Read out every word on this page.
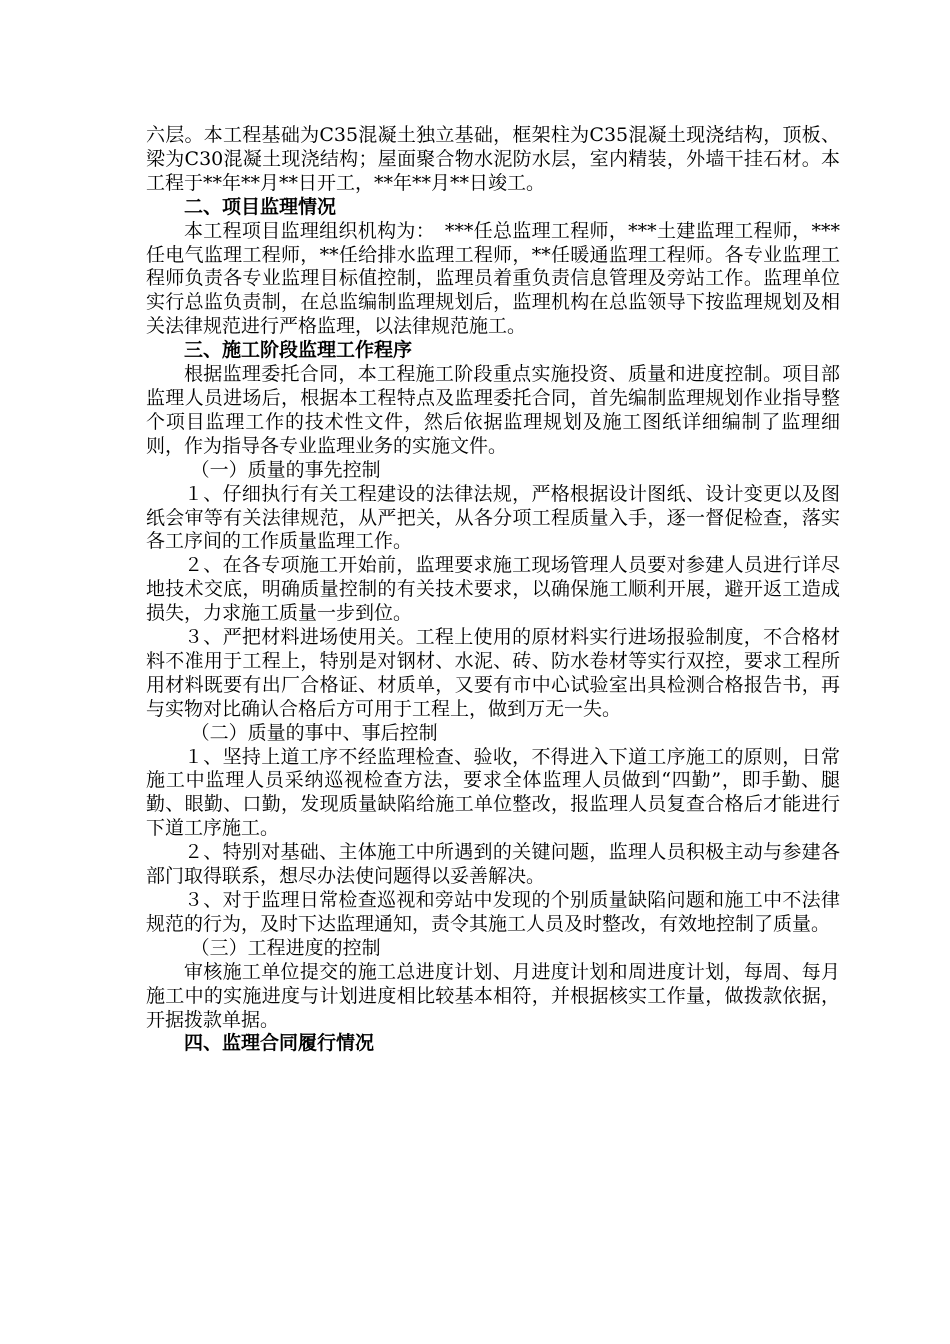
六层。本工程基础为C35混凝土独立基础，框架柱为C35混凝土现浇结构，顶板、梁为C30混凝土现浇结构；屋面聚合物水泥防水层，室内精装，外墙干挂石材。本工程于**年**月**日开工，**年**月**日竣工。

二、项目监理情况

本工程项目监理组织机构为：　***任总监理工程师，***土建监理工程师，***任电气监理工程师，**任给排水监理工程师，**任暖通监理工程师。各专业监理工程师负责各专业监理目标值控制，监理员着重负责信息管理及旁站工作。监理单位实行总监负责制，在总监编制监理规划后，监理机构在总监领导下按监理规划及相关法律规范进行严格监理，以法律规范施工。

三、施工阶段监理工作程序

根据监理委托合同，本工程施工阶段重点实施投资、质量和进度控制。项目部监理人员进场后，根据本工程特点及监理委托合同，首先编制监理规划作业指导整个项目监理工作的技术性文件，然后依据监理规划及施工图纸详细编制了监理细则，作为指导各专业监理业务的实施文件。

（一）质量的事先控制

１、仔细执行有关工程建设的法律法规，严格根据设计图纸、设计变更以及图纸会审等有关法律规范，从严把关，从各分项工程质量入手，逐一督促检查，落实各工序间的工作质量监理工作。

２、在各专项施工开始前，监理要求施工现场管理人员要对参建人员进行详尽地技术交底，明确质量控制的有关技术要求，以确保施工顺利开展，避开返工造成损失，力求施工质量一步到位。

３、严把材料进场使用关。工程上使用的原材料实行进场报验制度，不合格材料不准用于工程上，特别是对钢材、水泥、砖、防水卷材等实行双控，要求工程所用材料既要有出厂合格证、材质单，又要有市中心试验室出具检测合格报告书，再与实物对比确认合格后方可用于工程上，做到万无一失。

（二）质量的事中、事后控制

１、坚持上道工序不经监理检查、验收，不得进入下道工序施工的原则，日常施工中监理人员采纳巡视检查方法，要求全体监理人员做到“四勤”，即手勤、腿勤、眼勤、口勤，发现质量缺陷给施工单位整改，报监理人员复查合格后才能进行下道工序施工。

２、特别对基础、主体施工中所遇到的关键问题，监理人员积极主动与参建各部门取得联系，想尽办法使问题得以妥善解决。

３、对于监理日常检查巡视和旁站中发现的个别质量缺陷问题和施工中不法律规范的行为，及时下达监理通知，责令其施工人员及时整改，有效地控制了质量。

（三）工程进度的控制

审核施工单位提交的施工总进度计划、月进度计划和周进度计划，每周、每月施工中的实施进度与计划进度相比较基本相符，并根据核实工作量，做拨款依据，开据拨款单据。

四、监理合同履行情况
